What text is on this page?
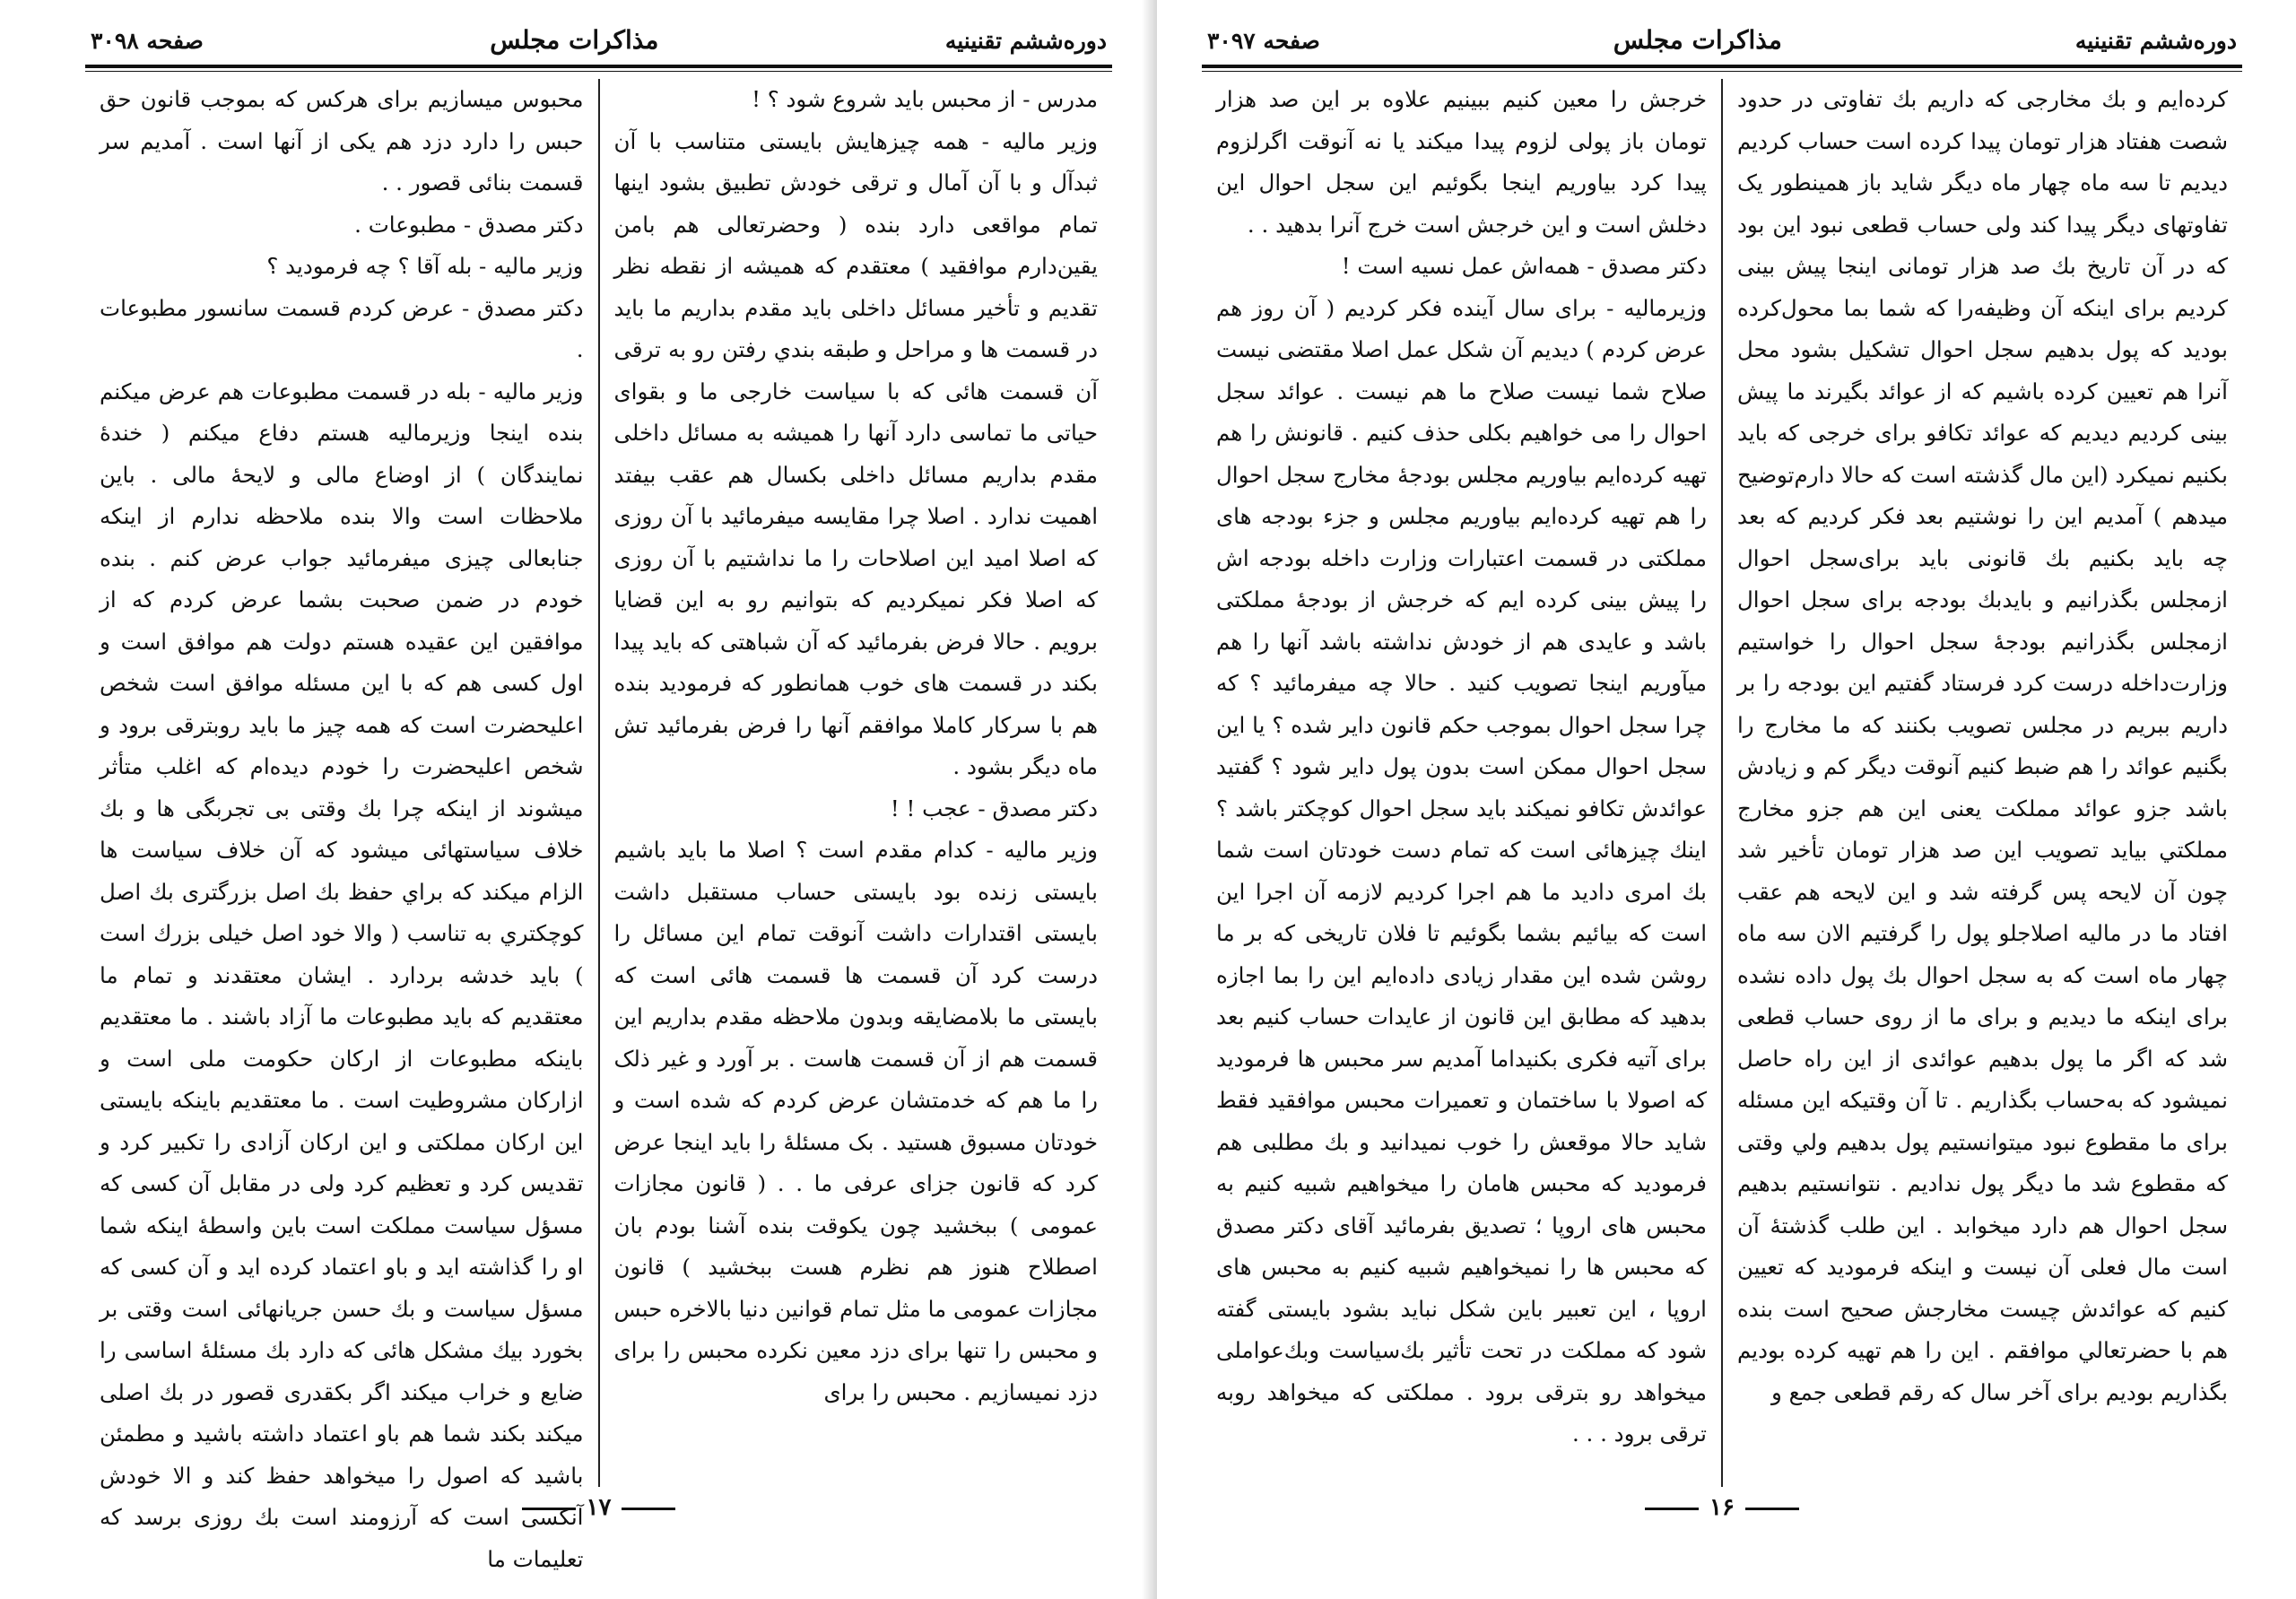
دوره‌ششم تقنینیه
مذاکرات مجلس
صفحه ۳۰۹۸

مدرس - از محبس باید شروع شود ؟ !

وزیر مالیه - همه چیزهایش بایستی متناسب با آن ثبدآل و با آن آمال و ترقی خودش تطبیق بشود اینها تمام مواقعی دارد بنده ( وحضرتعالی هم بامن یقین‌دارم موافقید ) معتقدم که همیشه از نقطه نظر تقدیم و تأخیر مسائل داخلی باید مقدم بداریم ما باید در قسمت ها و مراحل و طبقه بندي رفتن رو به ترقی آن قسمت هائی که با سیاست خارجی ما و بقوای حیاتی ما تماسی دارد آنها را همیشه به مسائل داخلی مقدم بداریم مسائل داخلی بکسال هم عقب بیفتد اهمیت ندارد . اصلا چرا مقایسه میفرمائید با آن روزی که اصلا امید این اصلاحات را ما نداشتیم با آن روزی که اصلا فکر نمیکردیم که بتوانیم رو به این قضایا برویم . حالا فرض بفرمائید که آن شباهتی که باید پیدا بکند در قسمت های خوب همانطور که فرمودید بنده هم با سرکار کاملا موافقم آنها را فرض بفرمائید تش ماه دیگر بشود .

دکتر مصدق - عجب ! !

وزیر مالیه - کدام مقدم است ؟ اصلا ما باید باشیم بایستی زنده بود بایستی حساب مستقبل داشت بایستی اقتدارات داشت آنوقت تمام این مسائل را درست کرد آن قسمت ها قسمت هائی است که بایستی ما بلامضایقه وبدون ملاحظه مقدم بداریم این قسمت هم از آن قسمت هاست . بر آورد و غیر ذلک را ما هم که خدمتشان عرض کردم که شده است و خودتان مسبوق هستید . بک مسئلهٔ را باید اینجا عرض کرد که قانون جزای عرفی ما . . ( قانون مجازات عمومی ) ببخشید چون یکوقت بنده آشنا بودم بان اصطلاح هنوز هم نظرم هست ببخشید ) قانون مجازات عمومی ما مثل تمام قوانین دنیا بالاخره حبس و محبس را تنها برای دزد معین نکرده محبس را برای دزد نمیسازیم . محبس را برای

محبوس میسازیم برای هرکس که بموجب قانون حق حبس را دارد دزد هم یکی از آنها است . آمدیم سر قسمت بنائی قصور . .

دکتر مصدق - مطبوعات .

وزیر مالیه - بله آقا ؟ چه فرمودید ؟

دکتر مصدق - عرض کردم قسمت سانسور مطبوعات .

وزیر مالیه - بله در قسمت مطبوعات هم عرض میکنم بنده اینجا وزیرمالیه هستم دفاع میکنم ( خندهٔ نمایندگان ) از اوضاع مالی و لایحهٔ مالی . باین ملاحظات است والا بنده ملاحظه ندارم از اینکه جنابعالی چیزی میفرمائید جواب عرض کنم . بنده خودم در ضمن صحبت بشما عرض کردم که از موافقین این عقیده هستم دولت هم موافق است و اول کسی هم که با این مسئله موافق است شخص اعلیحضرت است که همه چیز ما باید روبترقی برود و شخص اعلیحضرت را خودم دیده‌ام که اغلب متأثر میشوند از اینکه چرا بك وقتی بی تجربگی ها و بك خلاف سیاستهائی میشود که آن خلاف سیاست ها الزام میکند که براي حفظ بك اصل بزرگتری بك اصل کوچکتري به تناسب ( والا خود اصل خیلی بزرك است ) باید خدشه بردارد . ایشان معتقدند و تمام ما معتقدیم که باید مطبوعات ما آزاد باشند . ما معتقدیم باینکه مطبوعات از ارکان حکومت ملی است و ازارکان مشروطیت است . ما معتقدیم باینکه بایستی این ارکان مملکتی و این ارکان آزادی را تکبیر کرد و تقدیس کرد و تعظیم کرد ولی در مقابل آن کسی که مسؤل سیاست مملکت است باین واسطهٔ اینکه شما او را گذاشته اید و باو اعتماد کرده اید و آن کسی که مسؤل سیاست و بك حسن جریانهائی است وقتی بر بخورد بیك مشکل هائی که دارد بك مسئلهٔ اساسی را ضایع و خراب میکند اگر بکقدری قصور در بك اصلی میکند بکند شما هم باو اعتماد داشته باشید و مطمئن باشید که اصول را میخواهد حفظ کند و الا خودش آنکسی است که آرزومند است بك روزی برسد که تعلیمات ما

۱۷
دوره‌ششم تقنینیه
مذاکرات مجلس
صفحه ۳۰۹۷

کرده‌ایم و بك مخارجی که داریم بك تفاوتی در حدود شصت هفتاد هزار تومان پیدا کرده است حساب کردیم دیدیم تا سه ماه چهار ماه دیگر شاید باز همینطور یک تفاوتهای دیگر پیدا کند ولی حساب قطعی نبود این بود که در آن تاریخ بك صد هزار تومانی اینجا پیش بینی کردیم برای اینکه آن وظیفه‌را که شما بما محول‌کرده بودید که پول بدهیم سجل احوال تشکیل بشود محل آنرا هم تعیین کرده باشیم که از عوائد بگیرند ما پیش بینی کردیم دیدیم که عوائد تکافو برای خرجی که باید بکنیم نمیکرد (این مال گذشته است که حالا دارم‌توضیح میدهم ) آمدیم این را نوشتیم بعد فکر کردیم که بعد چه باید بکنیم بك قانونی باید برای‌سجل احوال ازمجلس بگذرانیم و بایدبك بودجه برای سجل احوال ازمجلس بگذرانیم بودجهٔ سجل احوال را خواستیم وزارت‌داخله درست کرد فرستاد گفتیم این بودجه را بر داریم ببریم در مجلس تصویب بکنند که ما مخارج را بگنیم عوائد را هم ضبط کنیم آنوقت دیگر کم و زیادش باشد جزو عوائد مملکت یعنی این هم جزو مخارج مملکتي بیاید تصویب این صد هزار تومان تأخیر شد چون آن لایحه پس گرفته شد و این لایحه هم عقب افتاد ما در مالیه اصلاجلو پول را گرفتیم الان سه ماه چهار ماه است که به سجل احوال بك پول داده نشده برای اینکه ما دیدیم و برای ما از روی حساب قطعی شد که اگر ما پول بدهیم عوائدی از این راه حاصل نمیشود که به‌حساب بگذاریم . تا آن وقتیکه این مسئله برای ما مقطوع نبود میتوانستیم پول بدهیم ولي وقتی که مقطوع شد ما دیگر پول ندادیم . نتوانستیم بدهیم سجل احوال هم دارد میخوابد . این طلب گذشتهٔ آن است مال فعلی آن نیست و اینکه فرمودید که تعیین کنیم که عوائدش چیست مخارجش صحیح است بنده هم با حضرتعالي موافقم . این را هم تهیه کرده بودیم بگذاریم بودیم برای آخر سال که رقم قطعی جمع و

خرجش را معین کنیم ببینیم علاوه بر این صد هزار تومان باز پولی لزوم پیدا میکند یا نه آنوقت اگرلزوم پیدا کرد بیاوریم اینجا بگوئیم این سجل احوال این دخلش است و این خرجش است خرج آنرا بدهید . .

دکتر مصدق - همه‌اش عمل نسیه است !

وزیرمالیه - برای سال آینده فکر کردیم ( آن روز هم عرض کردم ) دیدیم آن شکل عمل اصلا مقتضی نیست صلاح شما نیست صلاح ما هم نیست . عوائد سجل احوال را می خواهیم بکلی حذف کنیم . قانونش را هم تهیه کرده‌ایم بیاوریم مجلس بودجهٔ مخارج سجل احوال را هم تهیه کرده‌ایم بیاوریم مجلس و جزء بودجه های مملکتی در قسمت اعتبارات وزارت داخله بودجه اش را پیش بینی کرده ایم که خرجش از بودجهٔ مملکتی باشد و عایدی هم از خودش نداشته باشد آنها را هم میآوریم اینجا تصویب کنید . حالا چه میفرمائید ؟ که چرا سجل احوال بموجب حکم قانون دایر شده ؟ یا این سجل احوال ممکن است بدون پول دایر شود ؟ گفتید عوائدش تکافو نمیکند باید سجل احوال کوچکتر باشد ؟ اینك چیزهائی است که تمام دست خودتان است شما بك امری دادید ما هم اجرا کردیم لازمه آن اجرا این است که بیائیم بشما بگوئیم تا فلان تاریخی که بر ما روشن شده این مقدار زیادی داده‌ایم این را بما اجازه بدهید که مطابق این قانون از عایدات حساب کنیم بعد برای آتیه فکری بکنیداما آمدیم سر محبس ها فرمودید که اصولا با ساختمان و تعمیرات محبس موافقید فقط شاید حالا موقعش را خوب نمیدانید و بك مطلبی هم فرمودید که محبس هامان را میخواهیم شبیه کنیم به محبس های اروپا ؛ تصدیق بفرمائید آقای دکتر مصدق که محبس ها را نمیخواهیم شبیه کنیم به محبس های اروپا ، این تعبیر باین شکل نباید بشود بایستی گفته شود که مملکت در تحت تأثیر بك‌سیاست وبك‌عواملی میخواهد رو بترقی برود . مملکتی که میخواهد روبه ترقی برود . . .

۱۶
